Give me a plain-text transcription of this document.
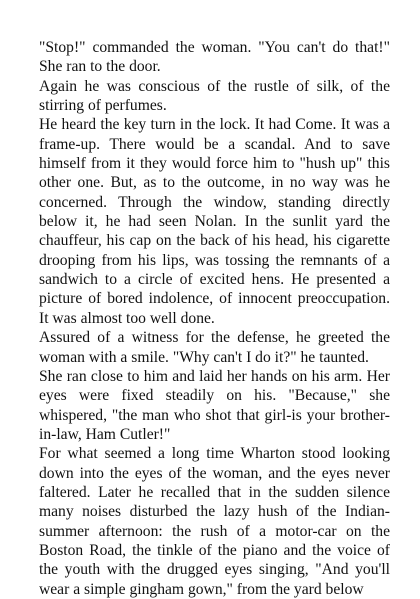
"Stop!" commanded the woman. "You can't do that!" She ran to the door.

Again he was conscious of the rustle of silk, of the stirring of perfumes.

He heard the key turn in the lock. It had Come. It was a frame-up. There would be a scandal. And to save himself from it they would force him to "hush up" this other one. But, as to the outcome, in no way was he concerned. Through the window, standing directly below it, he had seen Nolan. In the sunlit yard the chauffeur, his cap on the back of his head, his cigarette drooping from his lips, was tossing the remnants of a sandwich to a circle of excited hens. He presented a picture of bored indolence, of innocent preoccupation. It was almost too well done.

Assured of a witness for the defense, he greeted the woman with a smile. "Why can't I do it?" he taunted.

She ran close to him and laid her hands on his arm. Her eyes were fixed steadily on his. "Because," she whispered, "the man who shot that girl-is your brother-in-law, Ham Cutler!"

For what seemed a long time Wharton stood looking down into the eyes of the woman, and the eyes never faltered. Later he recalled that in the sudden silence many noises disturbed the lazy hush of the Indian-summer afternoon: the rush of a motor-car on the Boston Road, the tinkle of the piano and the voice of the youth with the drugged eyes singing, "And you'll wear a simple gingham gown," from the yard below
